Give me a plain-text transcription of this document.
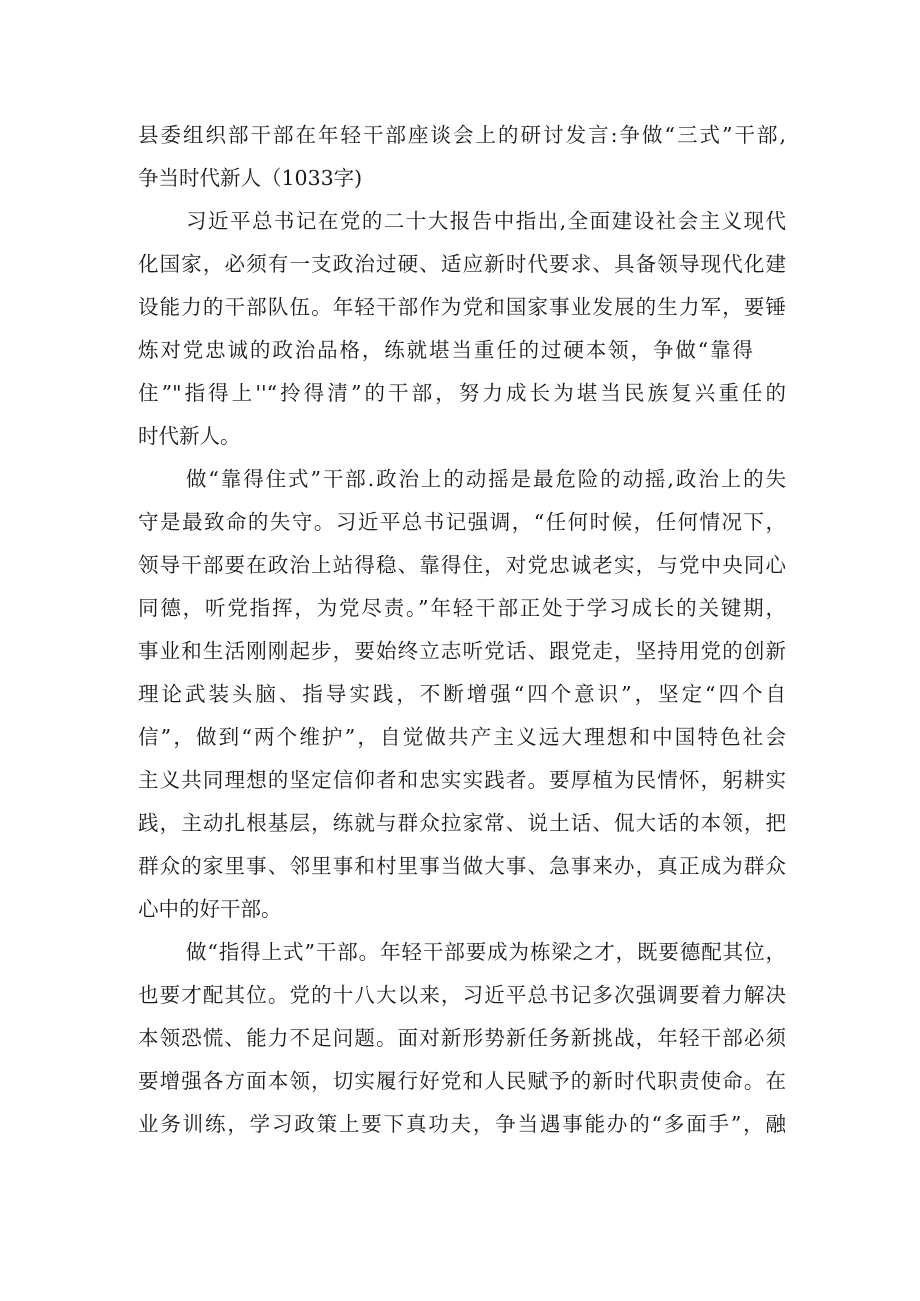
县委组织部干部在年轻干部座谈会上的研讨发言:争做“三式”干部,
争当时代新人（1033字)
习近平总书记在党的二十大报告中指出,全面建设社会主义现代
化国家，必须有一支政治过硬、适应新时代要求、具备领导现代化建
设能力的干部队伍。年轻干部作为党和国家事业发展的生力军，要锤
炼对党忠诚的政治品格，练就堪当重任的过硬本领，争做“靠得
住”"指得上''“拎得清”的干部，努力成长为堪当民族复兴重任的
时代新人。
做“靠得住式”干部.政治上的动摇是最危险的动摇,政治上的失
守是最致命的失守。习近平总书记强调，“任何时候，任何情况下，
领导干部要在政治上站得稳、靠得住，对党忠诚老实，与党中央同心
同德，听党指挥，为党尽责。”年轻干部正处于学习成长的关键期，
事业和生活刚刚起步，要始终立志听党话、跟党走，坚持用党的创新
理论武装头脑、指导实践，不断增强“四个意识”，坚定“四个自
信”，做到“两个维护”，自觉做共产主义远大理想和中国特色社会
主义共同理想的坚定信仰者和忠实实践者。要厚植为民情怀，躬耕实
践，主动扎根基层，练就与群众拉家常、说土话、侃大话的本领，把
群众的家里事、邻里事和村里事当做大事、急事来办，真正成为群众
心中的好干部。
做“指得上式”干部。年轻干部要成为栋梁之才，既要德配其位，
也要才配其位。党的十八大以来，习近平总书记多次强调要着力解决
本领恐慌、能力不足问题。面对新形势新任务新挑战，年轻干部必须
要增强各方面本领，切实履行好党和人民赋予的新时代职责使命。在
业务训练，学习政策上要下真功夫，争当遇事能办的“多面手”，融
